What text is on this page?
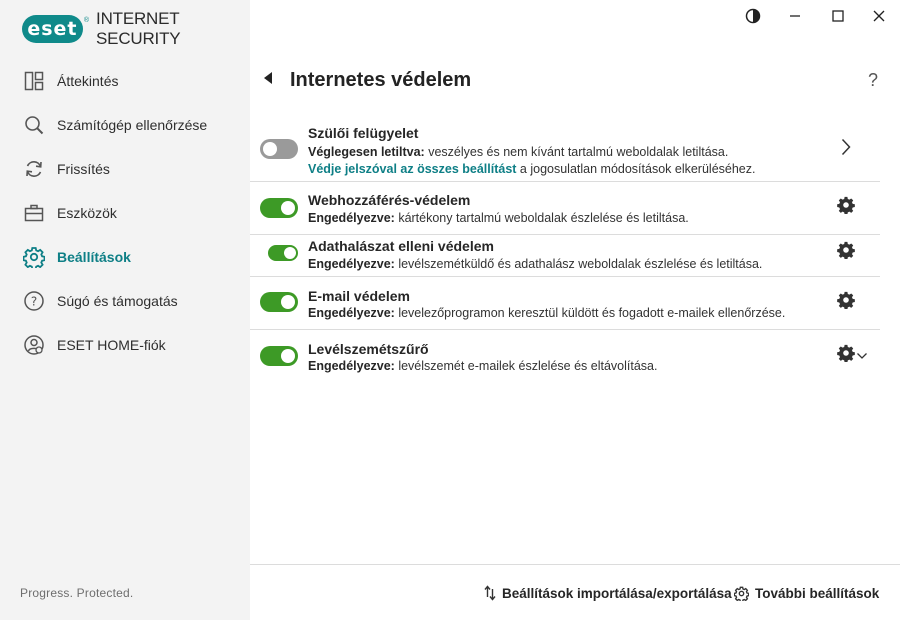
eset ® INTERNET SECURITY
Áttekintés
Számítógép ellenőrzése
Frissítés
Eszközök
Beállítások
? Súgó és támogatás
ESET HOME-fiók
Progress. Protected.
Internetes védelem	?
Szülői felügyelet
Véglegesen letiltva: veszélyes és nem kívánt tartalmú weboldalak letiltása.
Védje jelszóval az összes beállítást a jogosulatlan módosítások elkerüléséhez.
Webhozzáférés-védelem
Engedélyezve: kártékony tartalmú weboldalak észlelése és letiltása.
Adathalászat elleni védelem
Engedélyezve: levélszemétküldő és adathalász weboldalak észlelése és letiltása.
E-mail védelem
Engedélyezve: levelezőprogramon keresztül küldött és fogadott e-mailek ellenőrzése.
Levélszemétszűrő
Engedélyezve: levélszemét e-mailek észlelése és eltávolítása.
Beállítások importálása/exportálása További beállítások
